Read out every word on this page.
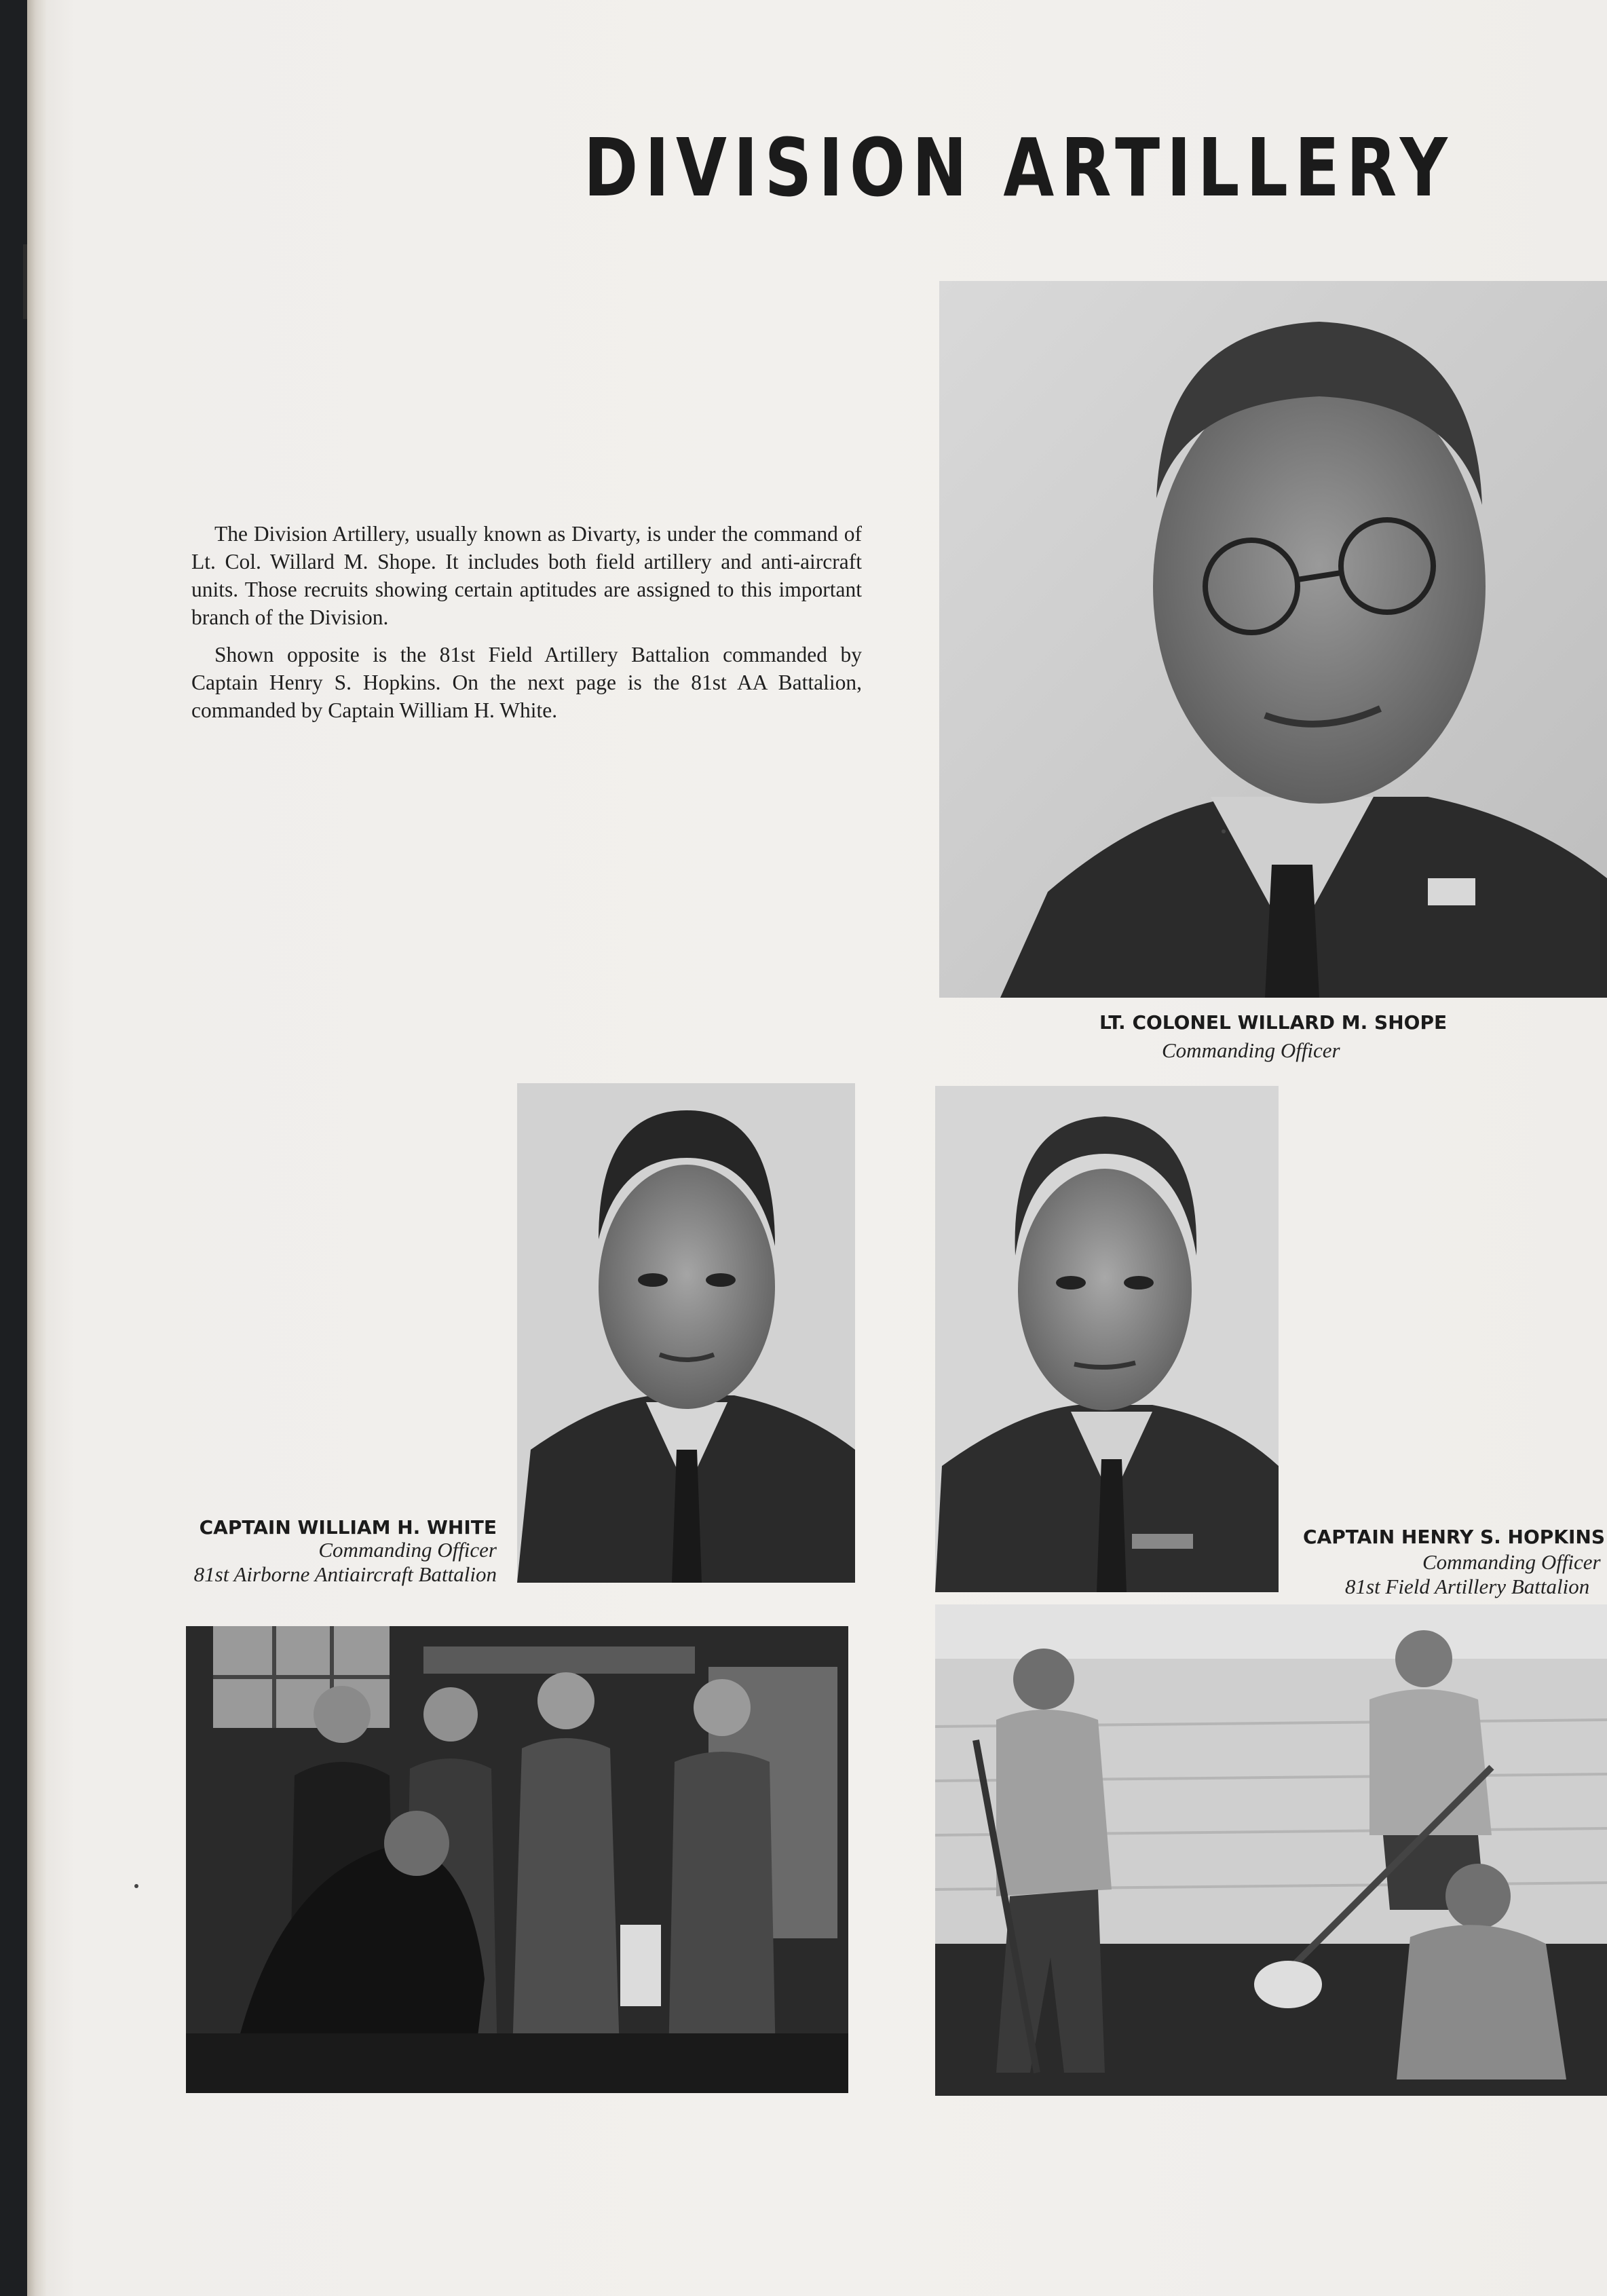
DIVISION ARTILLERY

The Division Artillery, usually known as Divarty, is under the command of Lt. Col. Willard M. Shope. It includes both field artillery and anti-aircraft units. Those recruits showing certain aptitudes are assigned to this important branch of the Division.

Shown opposite is the 81st Field Artillery Battalion commanded by Captain Henry S. Hopkins. On the next page is the 81st AA Battalion, commanded by Captain William H. White.

LT. COLONEL WILLARD M. SHOPE
Commanding Officer
CAPTAIN WILLIAM H. WHITE
Commanding Officer
81st Airborne Antiaircraft Battalion
CAPTAIN HENRY S. HOPKINS
Commanding Officer
81st Field Artillery Battalion
